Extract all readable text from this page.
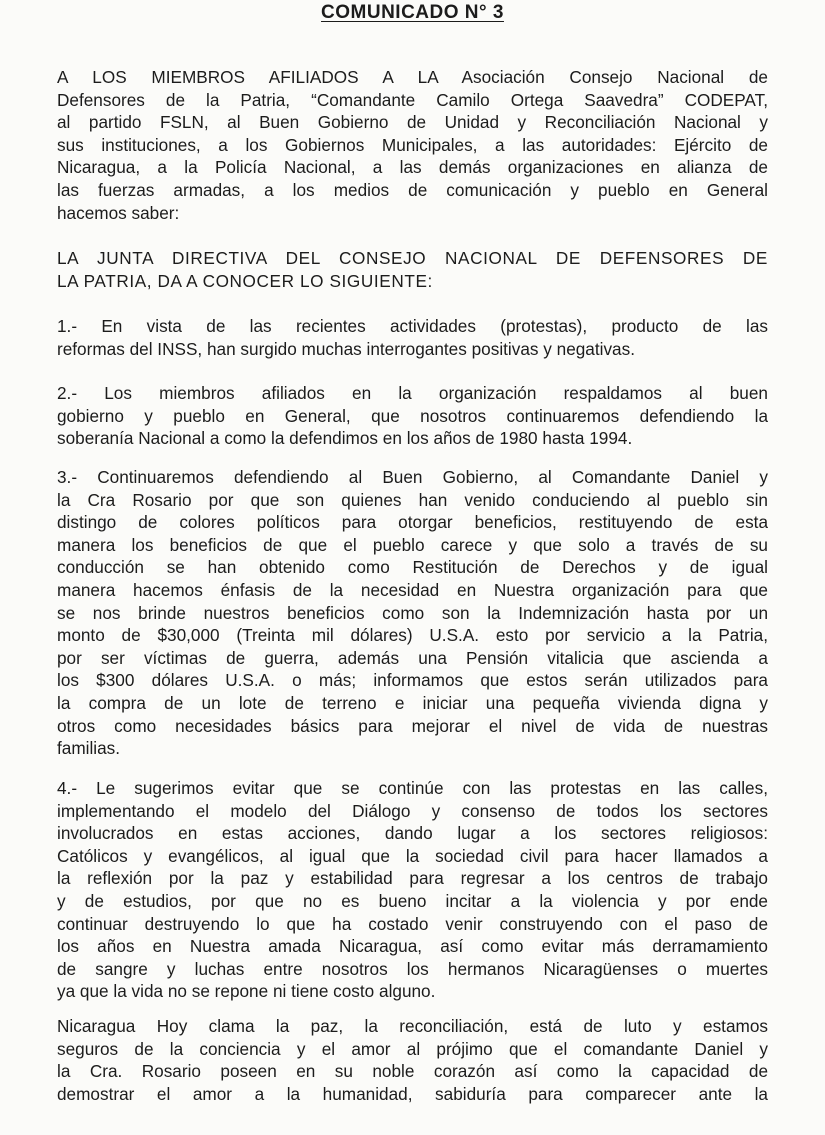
COMUNICADO N° 3
A LOS MIEMBROS AFILIADOS A LA Asociación Consejo Nacional de
Defensores de la Patria, “Comandante Camilo Ortega Saavedra” CODEPAT,
al partido FSLN, al Buen Gobierno de Unidad y Reconciliación Nacional y
sus instituciones, a los Gobiernos Municipales, a las autoridades: Ejército de
Nicaragua, a la Policía Nacional, a las demás organizaciones en alianza de
las fuerzas armadas, a los medios de comunicación y pueblo en General
hacemos saber:
LA JUNTA DIRECTIVA DEL CONSEJO NACIONAL DE DEFENSORES DE
LA PATRIA, DA A CONOCER LO SIGUIENTE:
1.- En vista de las recientes actividades (protestas), producto de las
reformas del INSS, han surgido muchas interrogantes positivas y negativas.
2.- Los miembros afiliados en la organización respaldamos al buen
gobierno y pueblo en General, que nosotros continuaremos defendiendo la
soberanía Nacional a como la defendimos en los años de 1980 hasta 1994.
3.- Continuaremos defendiendo al Buen Gobierno, al Comandante Daniel y
la Cra Rosario por que son quienes han venido conduciendo al pueblo sin
distingo de colores políticos para otorgar beneficios, restituyendo de esta
manera los beneficios de que el pueblo carece y que solo a través de su
conducción se han obtenido como Restitución de Derechos y de igual
manera hacemos énfasis de la necesidad en Nuestra organización para que
se nos brinde nuestros beneficios como son la Indemnización hasta por un
monto de $30,000 (Treinta mil dólares) U.S.A. esto por servicio a la Patria,
por ser víctimas de guerra, además una Pensión vitalicia que ascienda a
los $300 dólares U.S.A. o más; informamos que estos serán utilizados para
la compra de un lote de terreno e iniciar una pequeña vivienda digna y
otros como necesidades básics para mejorar el nivel de vida de nuestras
familias.
4.- Le sugerimos evitar que se continúe con las protestas en las calles,
implementando el modelo del Diálogo y consenso de todos los sectores
involucrados en estas acciones, dando lugar a los sectores religiosos:
Católicos y evangélicos, al igual que la sociedad civil para hacer llamados a
la reflexión por la paz y estabilidad para regresar a los centros de trabajo
y de estudios, por que no es bueno incitar a la violencia y por ende
continuar destruyendo lo que ha costado venir construyendo con el paso de
los años en Nuestra amada Nicaragua, así como evitar más derramamiento
de sangre y luchas entre nosotros los hermanos Nicaragüenses o muertes
ya que la vida no se repone ni tiene costo alguno.
Nicaragua Hoy clama la paz, la reconciliación, está de luto y estamos
seguros de la conciencia y el amor al prójimo que el comandante Daniel y
la Cra. Rosario poseen en su noble corazón así como la capacidad de
demostrar el amor a la humanidad, sabiduría para comparecer ante la
